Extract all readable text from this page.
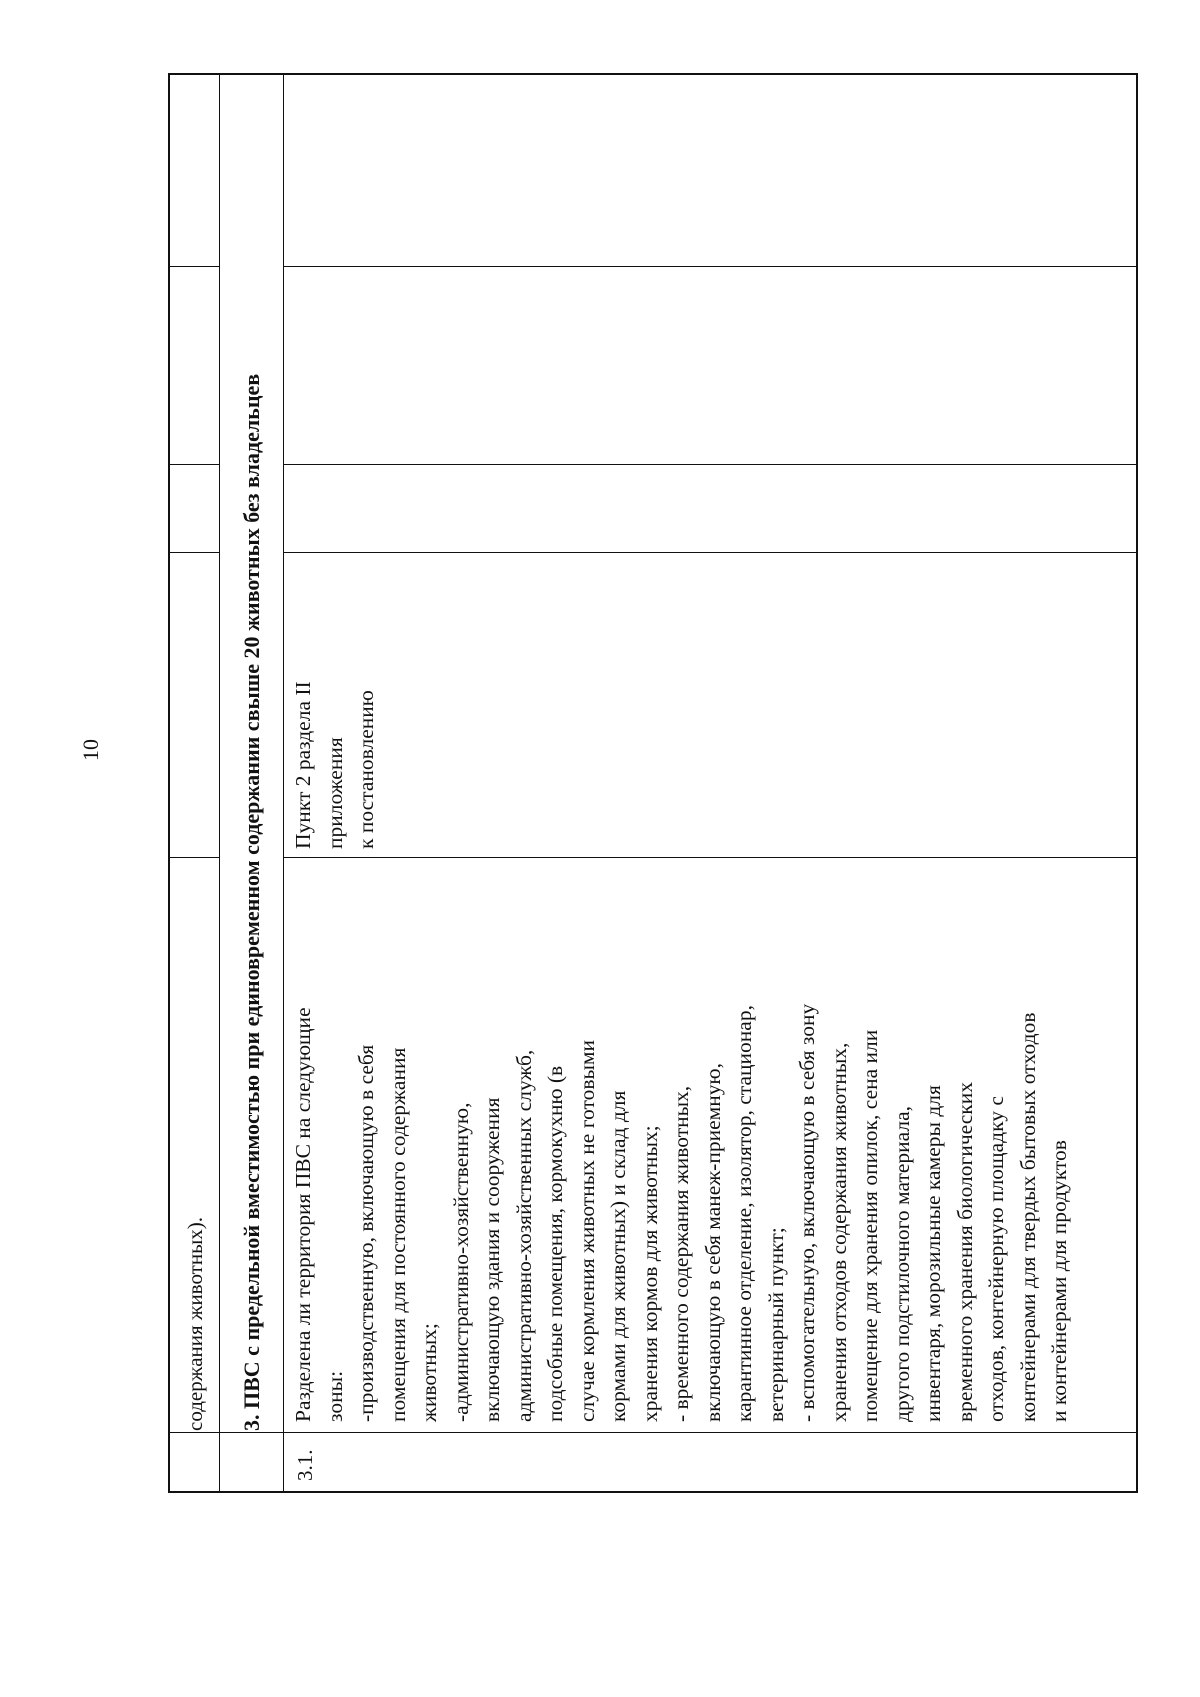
10
содержания животных).	3. ПВС с предельной вместимостью при единовременном содержании свыше 20 животных без владельцев
3.1.
Разделена ли территория ПВС на следующие
зоны:
-производственную, включающую в себя
помещения для постоянного содержания
животных;
-административно-хозяйственную,
включающую здания и сооружения
административно-хозяйственных служб,
подсобные помещения, кормокухню (в
случае кормления животных не готовыми
кормами для животных) и склад для
хранения кормов для животных;
- временного содержания животных,
включающую в себя манеж-приемную,
карантинное отделение, изолятор, стационар,
ветеринарный пункт;
- вспомогательную, включающую в себя зону
хранения отходов содержания животных,
помещение для хранения опилок, сена или
другого подстилочного материала,
инвентаря, морозильные камеры для
временного хранения биологических
отходов, контейнерную площадку с
контейнерами для твердых бытовых отходов
и контейнерами для продуктов
Пункт 2 раздела II
приложения
к постановлению
